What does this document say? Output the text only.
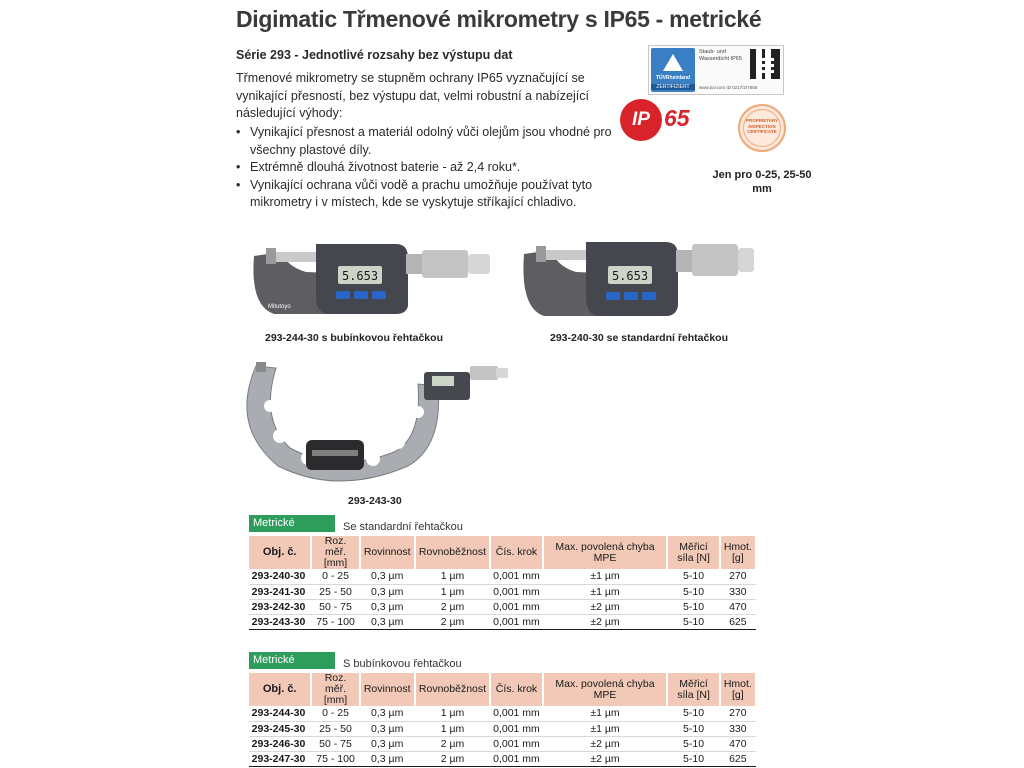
Digimatic Třmenové mikrometry s IP65 - metrické
Série 293 - Jednotlivé rozsahy bez výstupu dat
Třmenové mikrometry se stupněm ochrany IP65 vyznačující se vynikající přesností, bez výstupu dat, velmi robustní a nabízející následující výhody:
• Vynikající přesnost a materiál odolný vůči olejům jsou vhodné pro všechny plastové díly.
• Extrémně dlouhá životnost baterie - až 2,4 roku*.
• Vynikající ochrana vůči vodě a prachu umožňuje používat tyto mikrometry i v místech, kde se vyskytuje stříkající chladivo.
TÜVRheinland
ZERTIFIZIERT
Staub- und Wasserdicht IP65
www.tuv.com ID 0217/2/7656
IP 65	PROPRIETARY INSPECTION CERTIFICATE
Jen pro 0-25, 25-50 mm
5.653
Mitutoyo
293-244-30 s bubínkovou řehtačkou
5.653
293-240-30 se standardní řehtačkou
293-243-30
Metrické	Se standardní řehtačkou
Obj. č.	Roz. měř. [mm]	Rovinnost	Rovnoběžnost	Čís. krok	Max. povolená chyba MPE	Měřicí síla [N]	Hmot. [g]
293-240-30	0 - 25	0,3 µm	1 µm	0,001 mm	±1 µm	5-10	270
293-241-30	25 - 50	0,3 µm	1 µm	0,001 mm	±1 µm	5-10	330
293-242-30	50 - 75	0,3 µm	2 µm	0,001 mm	±2 µm	5-10	470
293-243-30	75 - 100	0,3 µm	2 µm	0,001 mm	±2 µm	5-10	625
Metrické	S bubínkovou řehtačkou
Obj. č.	Roz. měř. [mm]	Rovinnost	Rovnoběžnost	Čís. krok	Max. povolená chyba MPE	Měřicí síla [N]	Hmot. [g]
293-244-30	0 - 25	0,3 µm	1 µm	0,001 mm	±1 µm	5-10	270
293-245-30	25 - 50	0,3 µm	1 µm	0,001 mm	±1 µm	5-10	330
293-246-30	50 - 75	0,3 µm	2 µm	0,001 mm	±2 µm	5-10	470
293-247-30	75 - 100	0,3 µm	2 µm	0,001 mm	±2 µm	5-10	625
